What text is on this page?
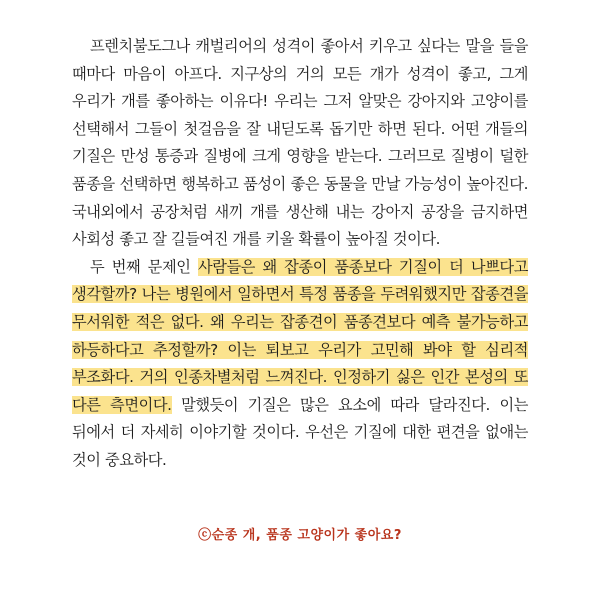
프렌치불도그나 캐벌리어의 성격이 좋아서 키우고 싶다는 말을 들을 때마다 마음이 아프다. 지구상의 거의 모든 개가 성격이 좋고, 그게 우리가 개를 좋아하는 이유다! 우리는 그저 알맞은 강아지와 고양이를 선택해서 그들이 첫걸음을 잘 내딛도록 돕기만 하면 된다. 어떤 개들의 기질은 만성 통증과 질병에 크게 영향을 받는다. 그러므로 질병이 덜한 품종을 선택하면 행복하고 품성이 좋은 동물을 만날 가능성이 높아진다. 국내외에서 공장처럼 새끼 개를 생산해 내는 강아지 공장을 금지하면 사회성 좋고 잘 길들여진 개를 키울 확률이 높아질 것이다.

두 번째 문제인 사람들은 왜 잡종이 품종보다 기질이 더 나쁘다고 생각할까? 나는 병원에서 일하면서 특정 품종을 두려워했지만 잡종견을 무서워한 적은 없다. 왜 우리는 잡종견이 품종견보다 예측 불가능하고 하등하다고 추정할까? 이는 퇴보고 우리가 고민해 봐야 할 심리적 부조화다. 거의 인종차별처럼 느껴진다. 인정하기 싫은 인간 본성의 또 다른 측면이다. 말했듯이 기질은 많은 요소에 따라 달라진다. 이는 뒤에서 더 자세히 이야기할 것이다. 우선은 기질에 대한 편견을 없애는 것이 중요하다.

ⓒ순종 개, 품종 고양이가 좋아요?
